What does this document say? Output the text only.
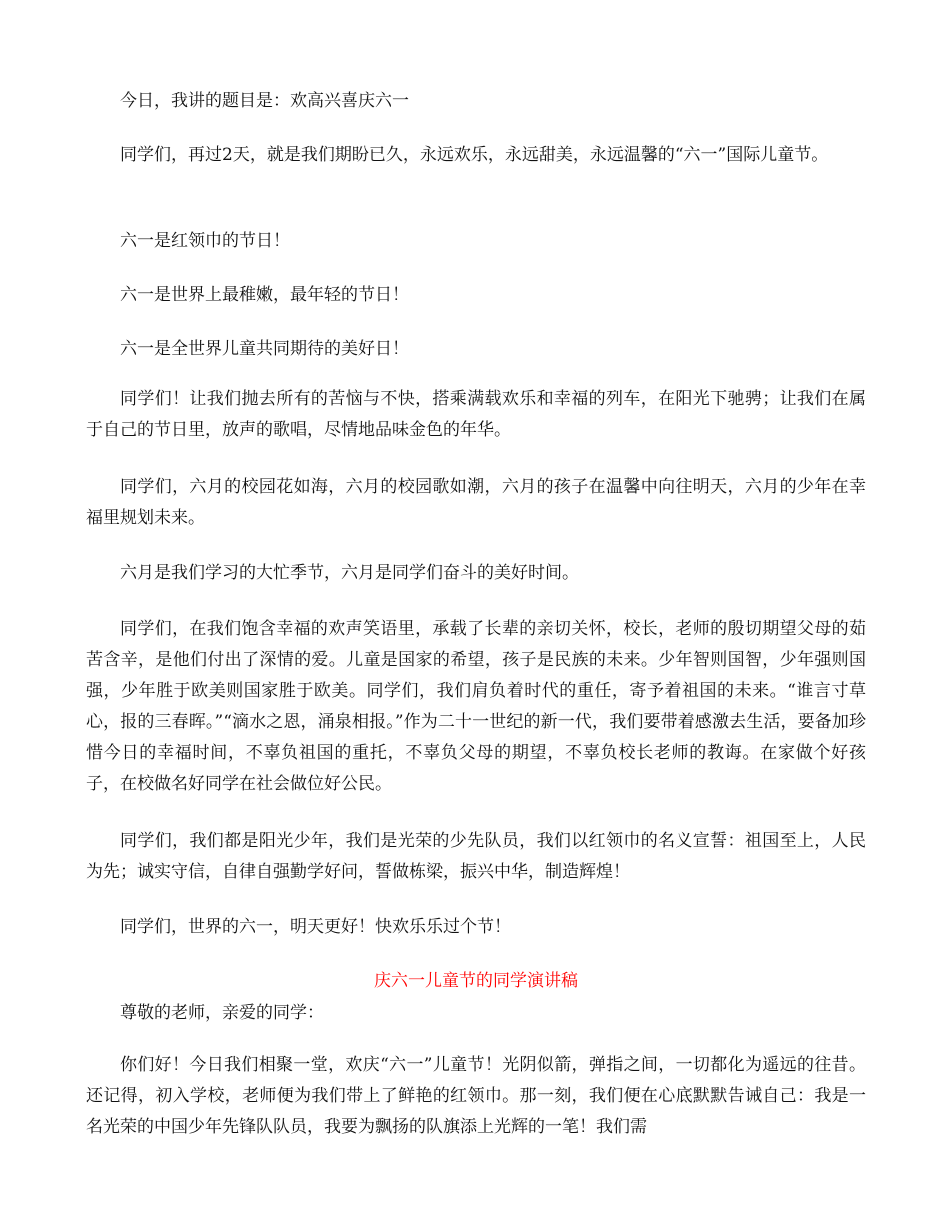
今日，我讲的题目是：欢高兴喜庆六一

同学们，再过2天，就是我们期盼已久，永远欢乐，永远甜美，永远温馨的“六一”国际儿童节。

六一是红领巾的节日！

六一是世界上最稚嫩，最年轻的节日！

六一是全世界儿童共同期待的美好日！

同学们！让我们抛去所有的苦恼与不快，搭乘满载欢乐和幸福的列车，在阳光下驰骋；让我们在属于自己的节日里，放声的歌唱，尽情地品味金色的年华。

同学们，六月的校园花如海，六月的校园歌如潮，六月的孩子在温馨中向往明天，六月的少年在幸福里规划未来。

六月是我们学习的大忙季节，六月是同学们奋斗的美好时间。

同学们，在我们饱含幸福的欢声笑语里，承载了长辈的亲切关怀，校长，老师的殷切期望父母的茹苦含辛，是他们付出了深情的爱。儿童是国家的希望，孩子是民族的未来。少年智则国智，少年强则国强，少年胜于欧美则国家胜于欧美。同学们，我们肩负着时代的重任，寄予着祖国的未来。“谁言寸草心，报的三春晖。”“滴水之恩，涌泉相报。”作为二十一世纪的新一代，我们要带着感激去生活，要备加珍惜今日的幸福时间，不辜负祖国的重托，不辜负父母的期望，不辜负校长老师的教诲。在家做个好孩子，在校做名好同学在社会做位好公民。

同学们，我们都是阳光少年，我们是光荣的少先队员，我们以红领巾的名义宣誓：祖国至上，人民为先；诚实守信，自律自强勤学好问，誓做栋梁，振兴中华，制造辉煌！

同学们，世界的六一，明天更好！快欢乐乐过个节！

庆六一儿童节的同学演讲稿

尊敬的老师，亲爱的同学：

你们好！今日我们相聚一堂，欢庆“六一”儿童节！光阴似箭，弹指之间，一切都化为遥远的往昔。还记得，初入学校，老师便为我们带上了鲜艳的红领巾。那一刻，我们便在心底默默告诫自己：我是一名光荣的中国少年先锋队队员，我要为飘扬的队旗添上光辉的一笔！我们需
